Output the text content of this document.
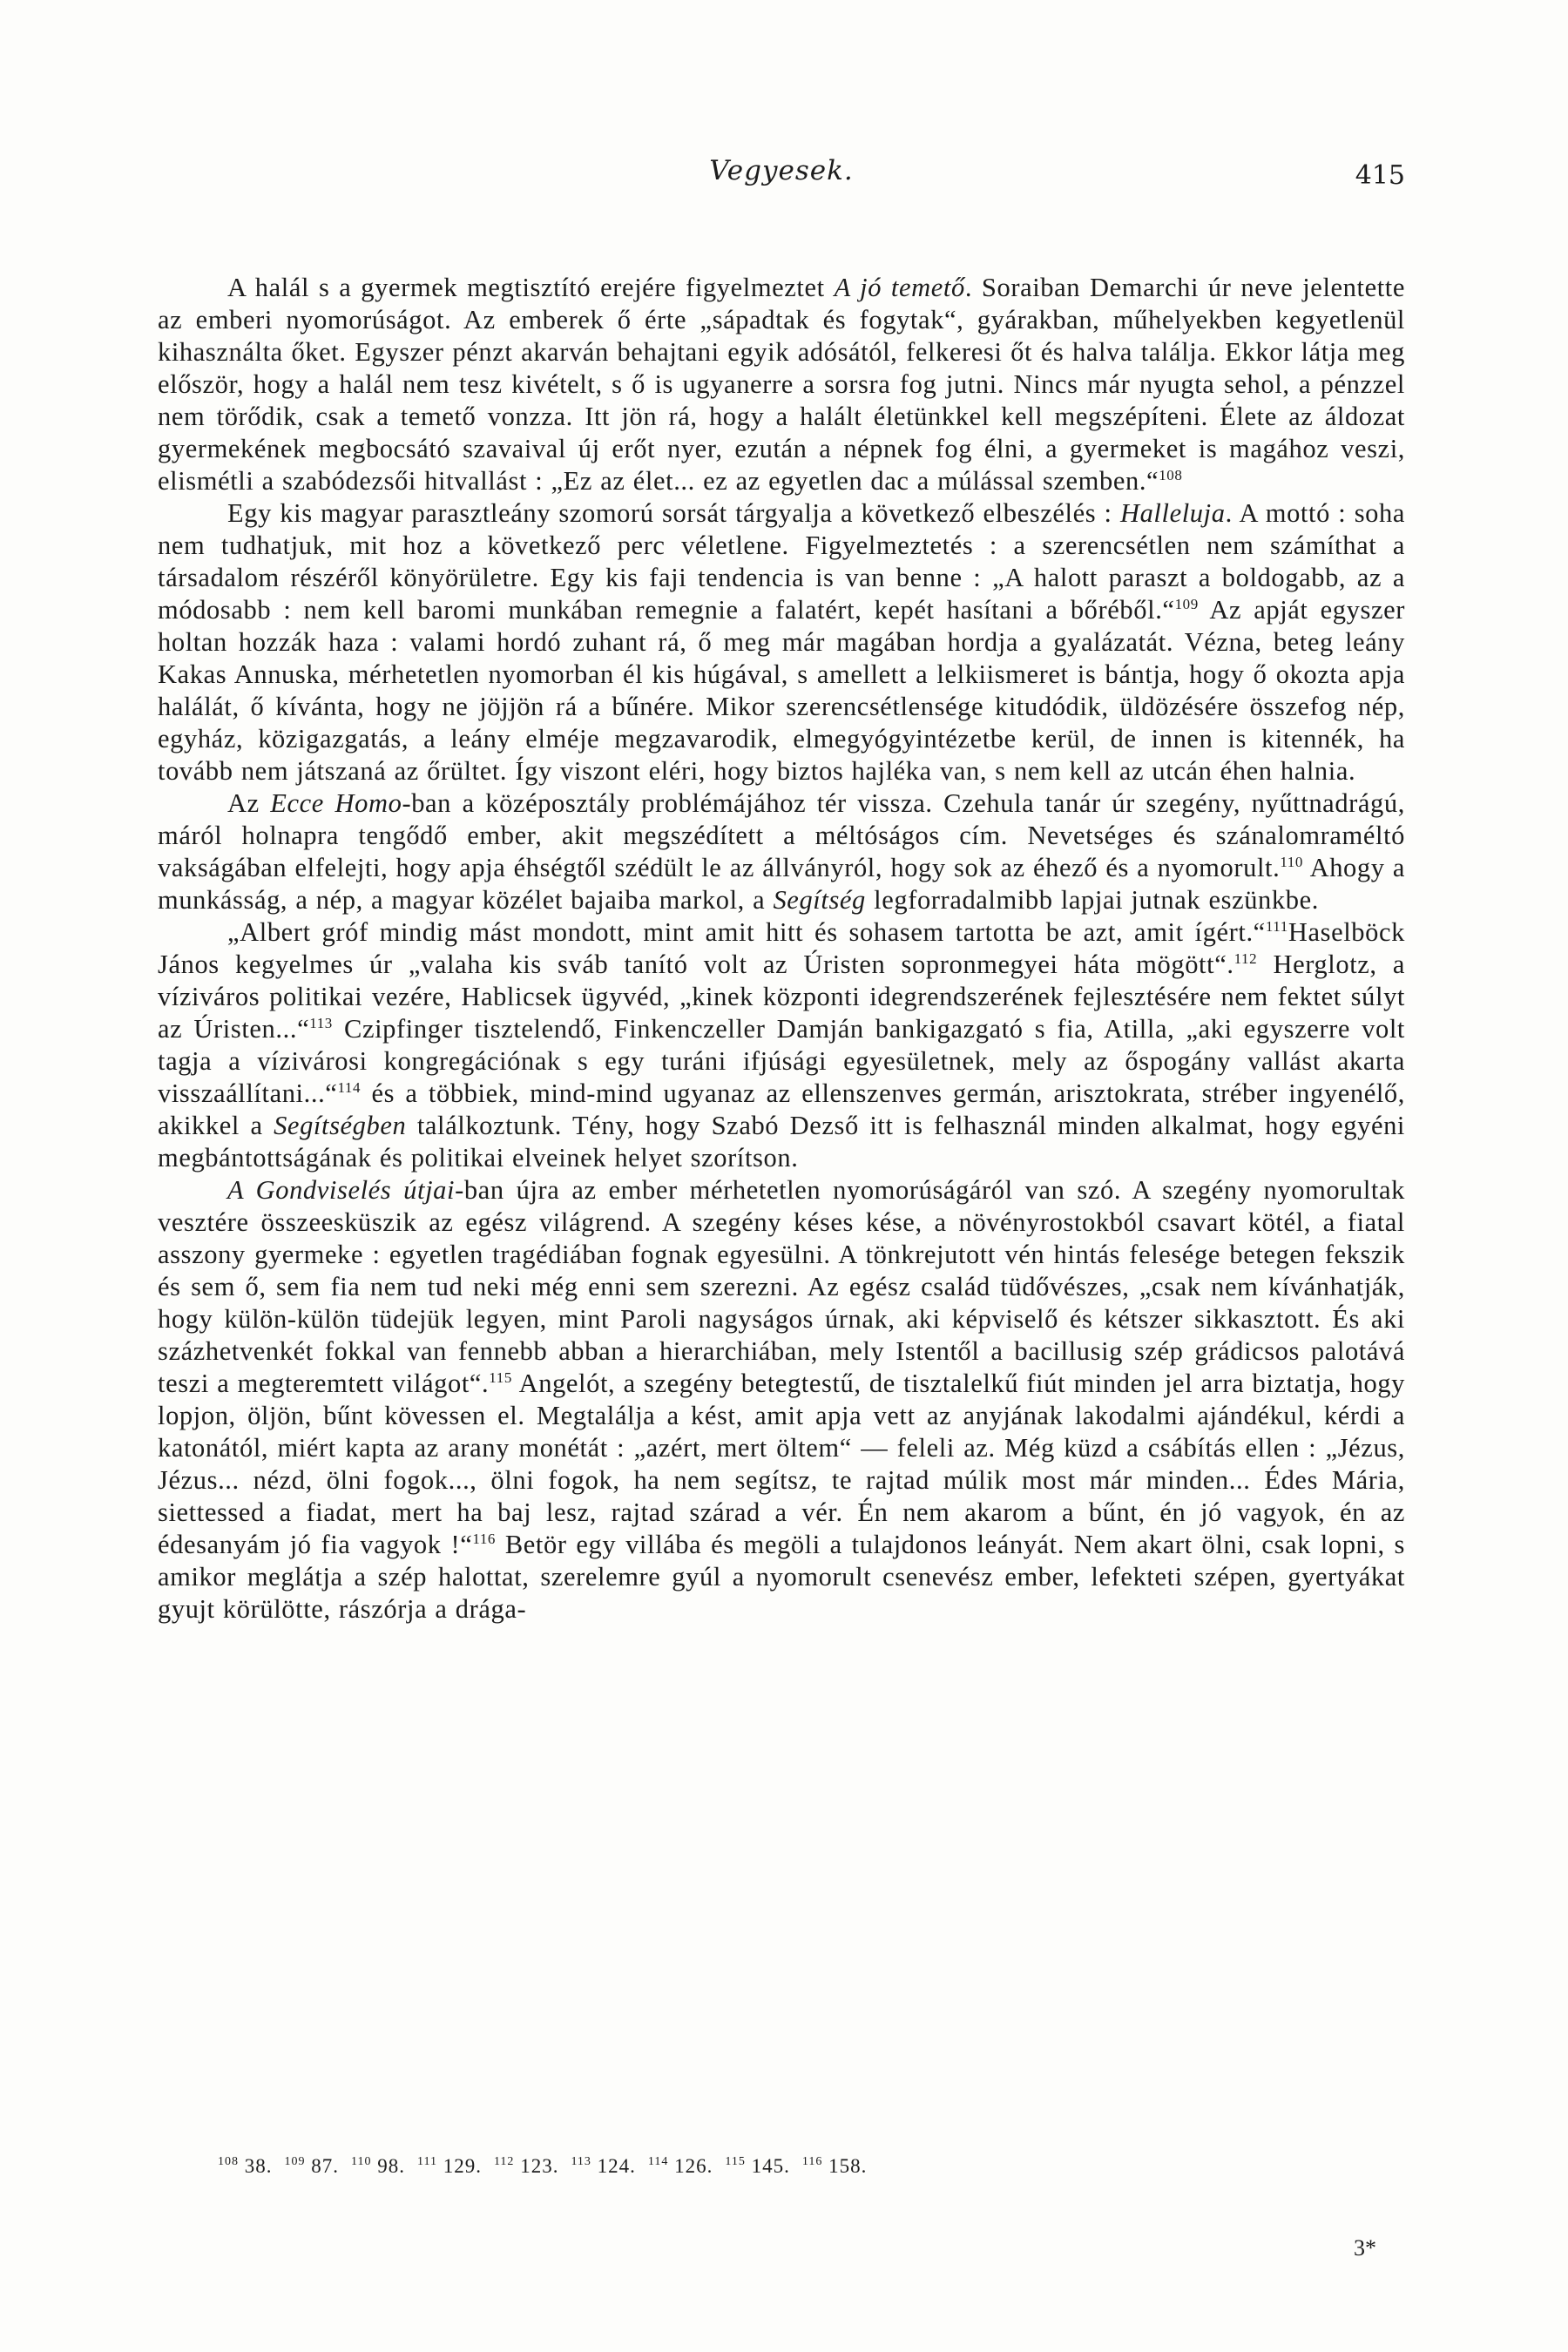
Vegyesek.	415

A halál s a gyermek megtisztító erejére figyelmeztet A jó temető. Soraiban Demarchi úr neve jelentette az emberi nyomorúságot. Az emberek ő érte „sápadtak és fogytak“, gyárakban, műhelyekben kegyetlenül kihasználta őket. Egyszer pénzt akarván behajtani egyik adósától, felkeresi őt és halva találja. Ekkor látja meg először, hogy a halál nem tesz kivételt, s ő is ugyanerre a sorsra fog jutni. Nincs már nyugta sehol, a pénzzel nem törődik, csak a temető vonzza. Itt jön rá, hogy a halált életünkkel kell megszépíteni. Élete az áldozat gyermekének megbocsátó szavaival új erőt nyer, ezután a népnek fog élni, a gyermeket is magához veszi, elismétli a szabódezsői hitvallást : „Ez az élet... ez az egyetlen dac a múlással szemben.“$^{108}$

Egy kis magyar parasztleány szomorú sorsát tárgyalja a következő elbeszélés : Halleluja. A mottó : soha nem tudhatjuk, mit hoz a következő perc véletlene. Figyelmeztetés : a szerencsétlen nem számíthat a társadalom részéről könyörületre. Egy kis faji tendencia is van benne : „A halott paraszt a boldogabb, az a módosabb : nem kell baromi munkában remegnie a falatért, kepét hasítani a bőréből.“$^{109}$ Az apját egyszer holtan hozzák haza : valami hordó zuhant rá, ő meg már magában hordja a gyalázatát. Vézna, beteg leány Kakas Annuska, mérhetetlen nyomorban él kis húgával, s amellett a lelkiismeret is bántja, hogy ő okozta apja halálát, ő kívánta, hogy ne jöjjön rá a bűnére. Mikor szerencsétlensége kitudódik, üldözésére összefog nép, egyház, közigazgatás, a leány elméje megzavarodik, elmegyógyintézetbe kerül, de innen is kitennék, ha tovább nem játszaná az őrültet. Így viszont eléri, hogy biztos hajléka van, s nem kell az utcán éhen halnia.

Az Ecce Homo-ban a középosztály problémájához tér vissza. Czehula tanár úr szegény, nyűttnadrágú, máról holnapra tengődő ember, akit megszédített a méltóságos cím. Nevetséges és szánalomraméltó vakságában elfelejti, hogy apja éhségtől szédült le az állványról, hogy sok az éhező és a nyomorult.$^{110}$ Ahogy a munkásság, a nép, a magyar közélet bajaiba markol, a Segítség legforradalmibb lapjai jutnak eszünkbe.

„Albert gróf mindig mást mondott, mint amit hitt és sohasem tartotta be azt, amit ígért.“$^{111}$Haselböck János kegyelmes úr „valaha kis sváb tanító volt az Úristen sopronmegyei háta mögött“.$^{112}$ Herglotz, a víziváros politikai vezére, Hablicsek ügyvéd, „kinek központi idegrendszerének fejlesztésére nem fektet súlyt az Úristen...“$^{113}$ Czipfinger tisztelendő, Finkenczeller Damján bankigazgató s fia, Atilla, „aki egyszerre volt tagja a vízivárosi kongregációnak s egy turáni ifjúsági egyesületnek, mely az őspogány vallást akarta visszaállítani...“$^{114}$ és a többiek, mind-mind ugyanaz az ellenszenves germán, arisztokrata, stréber ingyenélő, akikkel a Segítségben találkoztunk. Tény, hogy Szabó Dezső itt is felhasznál minden alkalmat, hogy egyéni megbántottságának és politikai elveinek helyet szorítson.

A Gondviselés útjai-ban újra az ember mérhetetlen nyomorúságáról van szó. A szegény nyomorultak vesztére összeesküszik az egész világrend. A szegény késes kése, a növényrostokból csavart kötél, a fiatal asszony gyermeke : egyetlen tragédiában fognak egyesülni. A tönkrejutott vén hintás felesége betegen fekszik és sem ő, sem fia nem tud neki még enni sem szerezni. Az egész család tüdővészes, „csak nem kívánhatják, hogy külön-külön tüdejük legyen, mint Paroli nagyságos úrnak, aki képviselő és kétszer sikkasztott. És aki százhetvenkét fokkal van fennebb abban a hierarchiában, mely Istentől a bacillusig szép grádicsos palotává teszi a megteremtett világot“.$^{115}$ Angelót, a szegény betegtestű, de tisztalelkű fiút minden jel arra biztatja, hogy lopjon, öljön, bűnt kövessen el. Megtalálja a kést, amit apja vett az anyjának lakodalmi ajándékul, kérdi a katonától, miért kapta az arany monétát : „azért, mert öltem“ — feleli az. Még küzd a csábítás ellen : „Jézus, Jézus... nézd, ölni fogok..., ölni fogok, ha nem segítsz, te rajtad múlik most már minden... Édes Mária, siettessed a fiadat, mert ha baj lesz, rajtad szárad a vér. Én nem akarom a bűnt, én jó vagyok, én az édesanyám jó fia vagyok !“$^{116}$ Betör egy villába és megöli a tulajdonos leányát. Nem akart ölni, csak lopni, s amikor meglátja a szép halottat, szerelemre gyúl a nyomorult csenevész ember, lefekteti szépen, gyertyákat gyujt körülötte, rászórja a drága-

$^{108}$ 38. $^{109}$ 87. $^{110}$ 98. $^{111}$ 129. $^{112}$ 123. $^{113}$ 124. $^{114}$ 126. $^{115}$ 145. $^{116}$ 158.
3*
